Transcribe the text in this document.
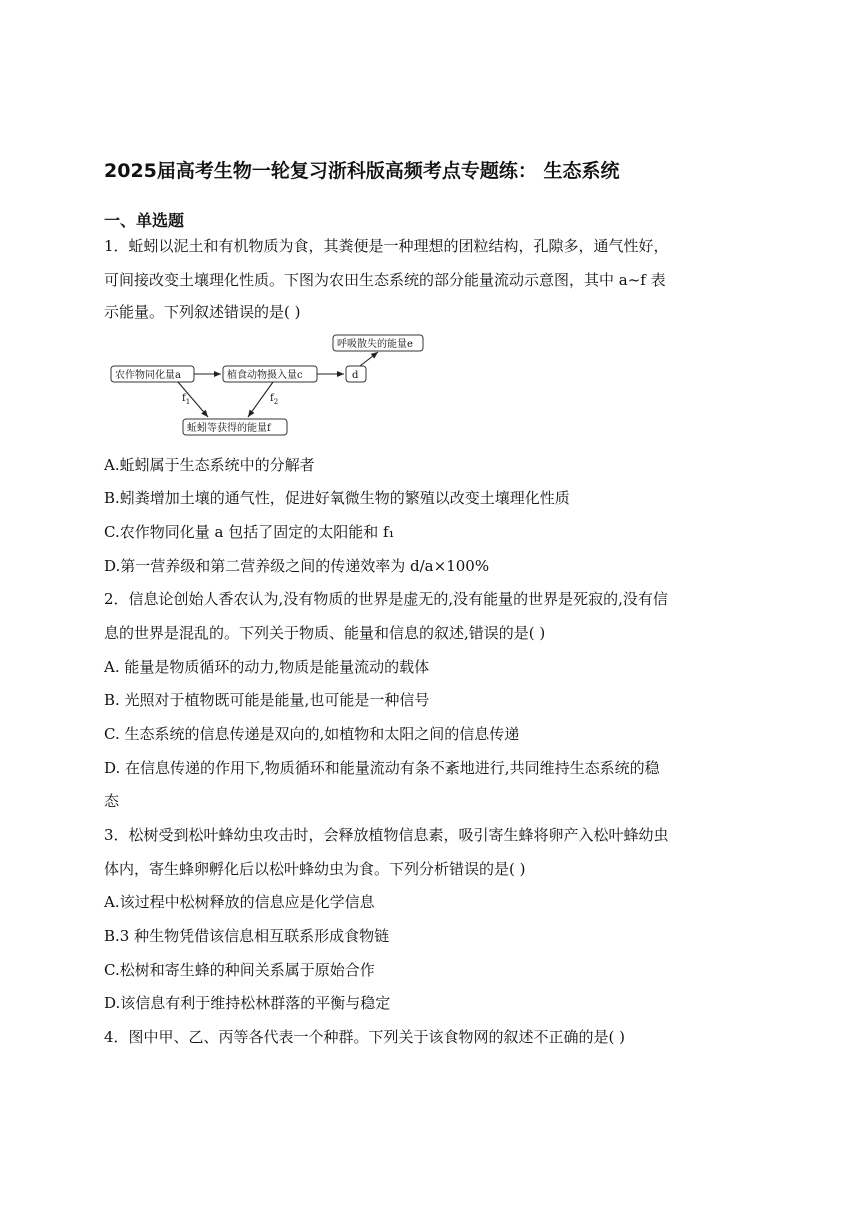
2025届高考生物一轮复习浙科版高频考点专题练： 生态系统
一、单选题
1．蚯蚓以泥土和有机物质为食，其粪便是一种理想的团粒结构，孔隙多，通气性好，
可间接改变土壤理化性质。下图为农田生态系统的部分能量流动示意图，其中 a~f 表
示能量。下列叙述错误的是( )
呼吸散失的能量e
农作物同化量a	植食动物摄入量c	d
蚯蚓等获得的能量f
$f_1$	$f_2$
A.蚯蚓属于生态系统中的分解者
B.蚓粪增加土壤的通气性，促进好氧微生物的繁殖以改变土壤理化性质
C.农作物同化量 a 包括了固定的太阳能和 f₁
D.第一营养级和第二营养级之间的传递效率为 d/a×100%
2．信息论创始人香农认为,没有物质的世界是虚无的,没有能量的世界是死寂的,没有信
息的世界是混乱的。下列关于物质、能量和信息的叙述,错误的是( )
A. 能量是物质循环的动力,物质是能量流动的载体
B. 光照对于植物既可能是能量,也可能是一种信号
C. 生态系统的信息传递是双向的,如植物和太阳之间的信息传递
D. 在信息传递的作用下,物质循环和能量流动有条不紊地进行,共同维持生态系统的稳
态
3．松树受到松叶蜂幼虫攻击时，会释放植物信息素，吸引寄生蜂将卵产入松叶蜂幼虫
体内，寄生蜂卵孵化后以松叶蜂幼虫为食。下列分析错误的是( )
A.该过程中松树释放的信息应是化学信息
B.3 种生物凭借该信息相互联系形成食物链
C.松树和寄生蜂的种间关系属于原始合作
D.该信息有利于维持松林群落的平衡与稳定
4．图中甲、乙、丙等各代表一个种群。下列关于该食物网的叙述不正确的是( )
